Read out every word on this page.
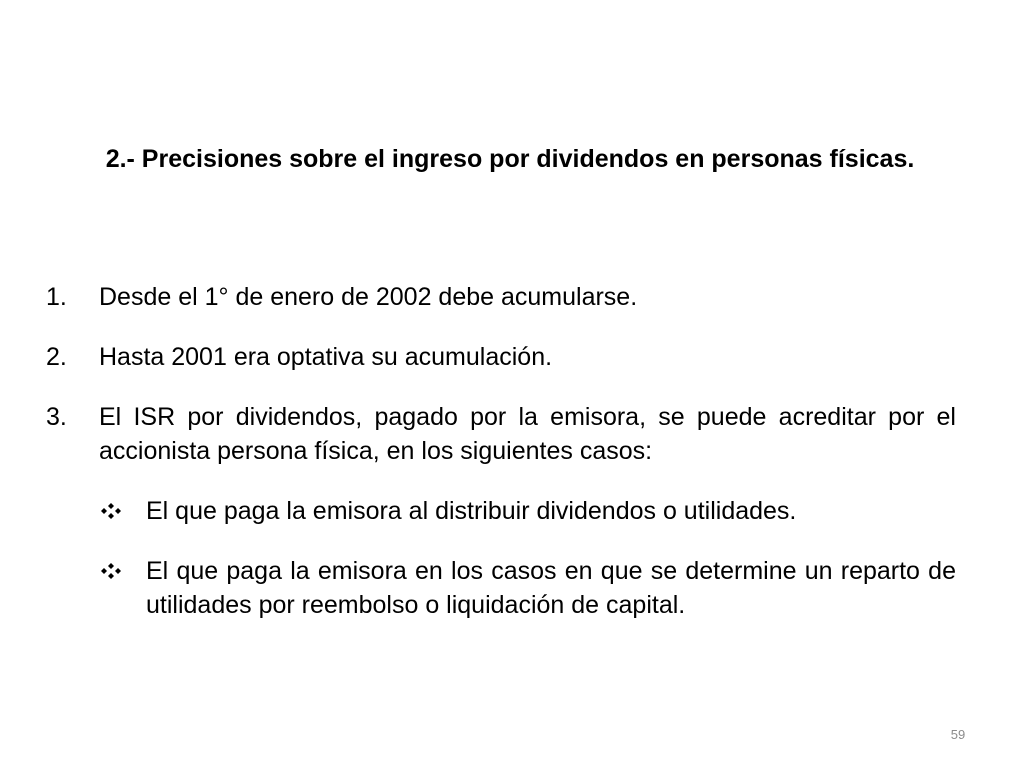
2.- Precisiones sobre el ingreso por dividendos en personas físicas.
1. Desde el 1° de enero de 2002 debe acumularse.
2. Hasta 2001 era optativa su acumulación.
3. El ISR por dividendos, pagado por la emisora, se puede acreditar por el accionista persona física, en los siguientes casos:
El que paga la emisora al distribuir dividendos o utilidades.
El que paga la emisora en los casos en que se determine un reparto de utilidades por reembolso o liquidación de capital.
59
